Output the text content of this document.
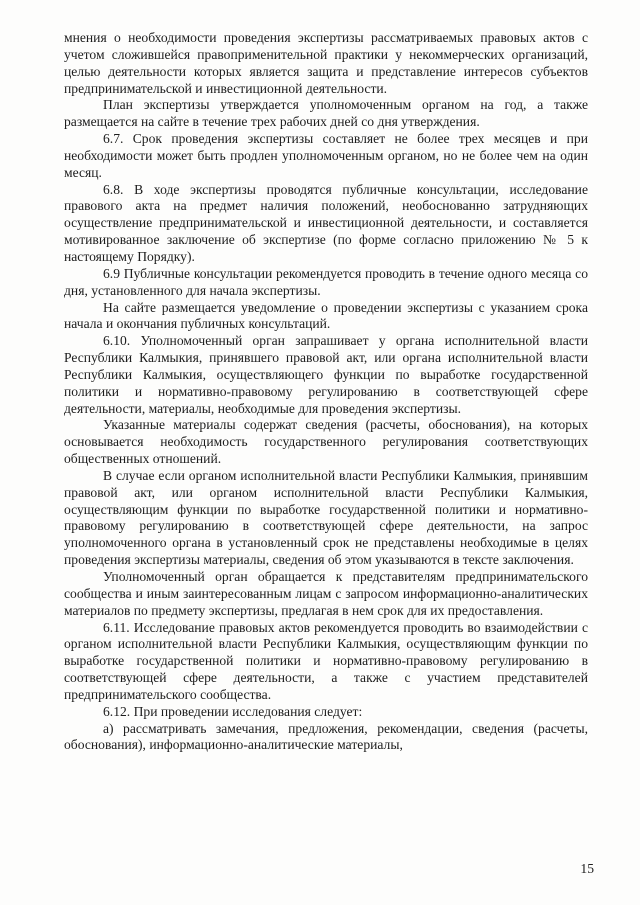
мнения о необходимости проведения экспертизы рассматриваемых правовых актов с учетом сложившейся правоприменительной практики у некоммерческих организаций, целью деятельности которых является защита и представление интересов субъектов предпринимательской и инвестиционной деятельности.

План экспертизы утверждается уполномоченным органом на год, а также размещается на сайте в течение трех рабочих дней со дня утверждения.

6.7. Срок проведения экспертизы составляет не более трех месяцев и при необходимости может быть продлен уполномоченным органом, но не более чем на один месяц.

6.8. В ходе экспертизы проводятся публичные консультации, исследование правового акта на предмет наличия положений, необоснованно затрудняющих осуществление предпринимательской и инвестиционной деятельности, и составляется мотивированное заключение об экспертизе (по форме согласно приложению № 5 к настоящему Порядку).

6.9 Публичные консультации рекомендуется проводить в течение одного месяца со дня, установленного для начала экспертизы.

На сайте размещается уведомление о проведении экспертизы с указанием срока начала и окончания публичных консультаций.

6.10. Уполномоченный орган запрашивает у органа исполнительной власти Республики Калмыкия, принявшего правовой акт, или органа исполнительной власти Республики Калмыкия, осуществляющего функции по выработке государственной политики и нормативно-правовому регулированию в соответствующей сфере деятельности, материалы, необходимые для проведения экспертизы.

Указанные материалы содержат сведения (расчеты, обоснования), на которых основывается необходимость государственного регулирования соответствующих общественных отношений.

В случае если органом исполнительной власти Республики Калмыкия, принявшим правовой акт, или органом исполнительной власти Республики Калмыкия, осуществляющим функции по выработке государственной политики и нормативно-правовому регулированию в соответствующей сфере деятельности, на запрос уполномоченного органа в установленный срок не представлены необходимые в целях проведения экспертизы материалы, сведения об этом указываются в тексте заключения.

Уполномоченный орган обращается к представителям предпринимательского сообщества и иным заинтересованным лицам с запросом информационно-аналитических материалов по предмету экспертизы, предлагая в нем срок для их предоставления.

6.11. Исследование правовых актов рекомендуется проводить во взаимодействии с органом исполнительной власти Республики Калмыкия, осуществляющим функции по выработке государственной политики и нормативно-правовому регулированию в соответствующей сфере деятельности, а также с участием представителей предпринимательского сообщества.

6.12. При проведении исследования следует:

а) рассматривать замечания, предложения, рекомендации, сведения (расчеты, обоснования), информационно-аналитические материалы,

15
